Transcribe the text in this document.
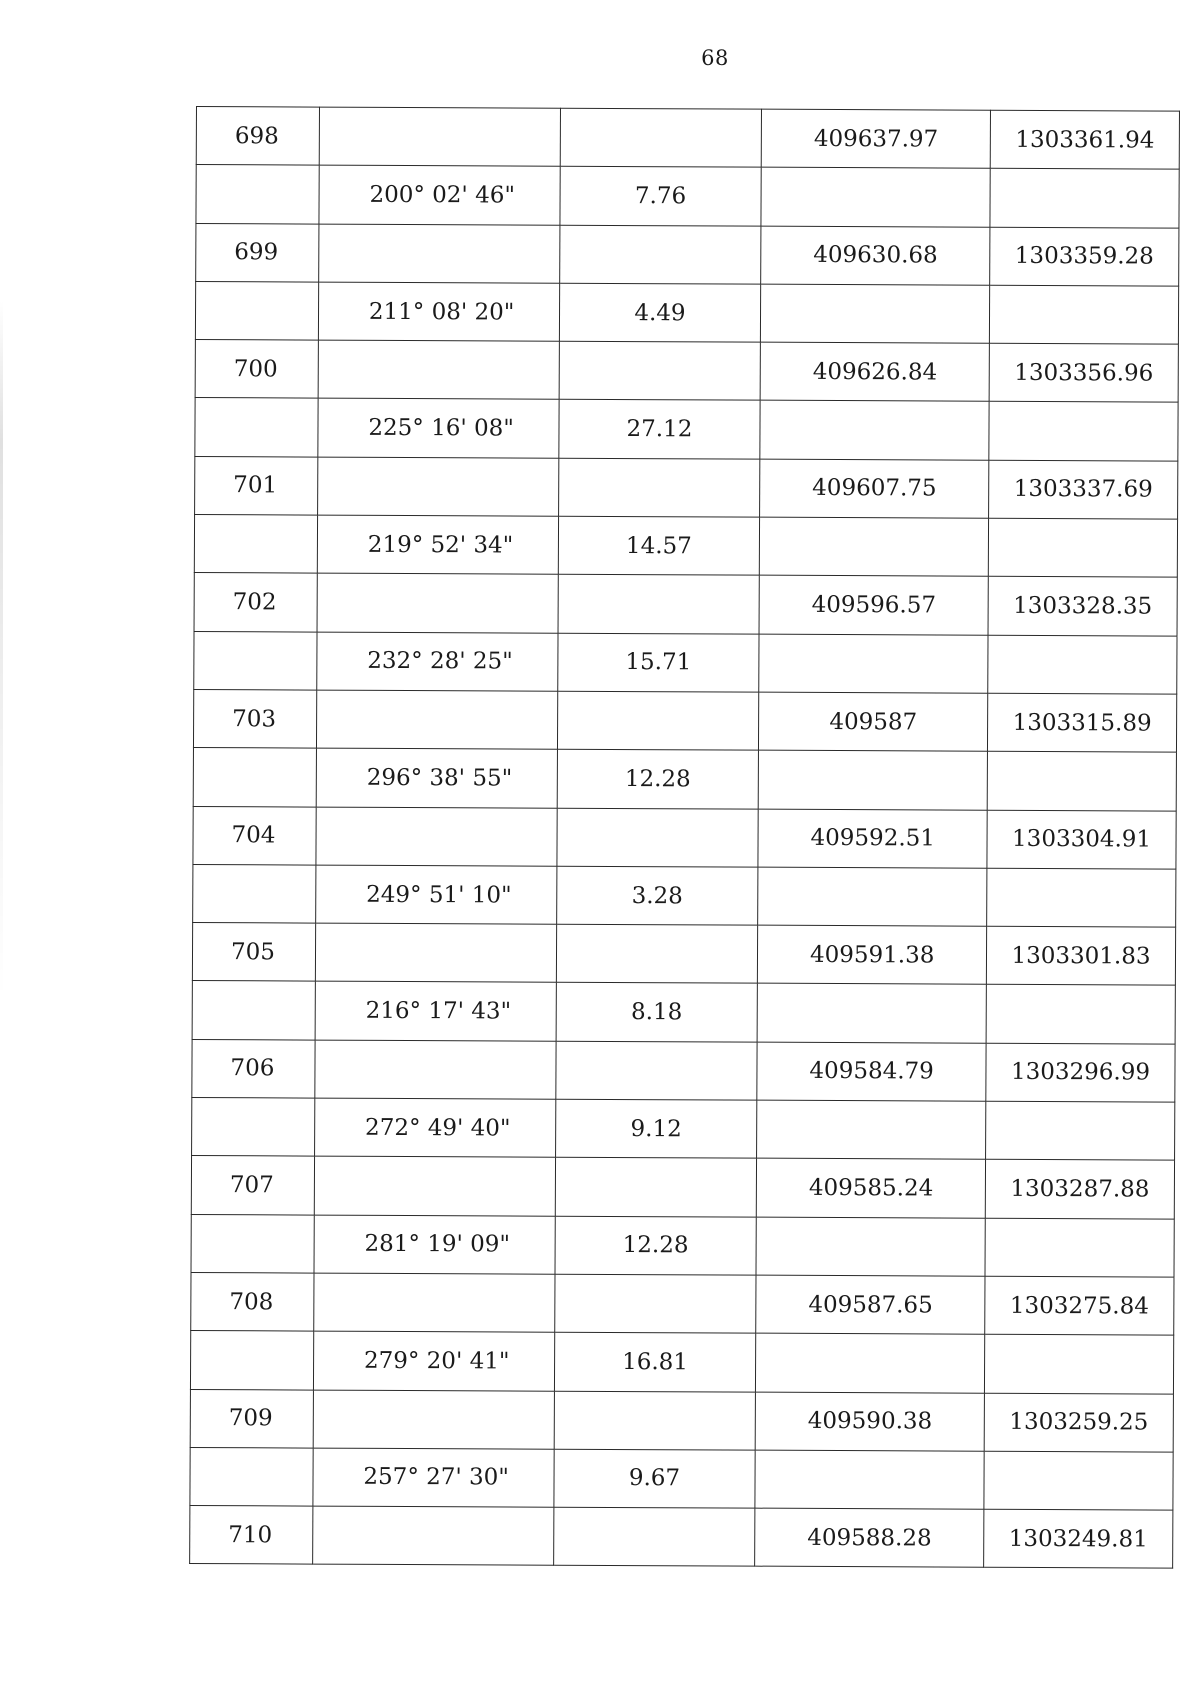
68
698			409637.97	1303361.94
	200° 02' 46"	7.76		
699			409630.68	1303359.28
	211° 08' 20"	4.49		
700			409626.84	1303356.96
	225° 16' 08"	27.12		
701			409607.75	1303337.69
	219° 52' 34"	14.57		
702			409596.57	1303328.35
	232° 28' 25"	15.71		
703			409587	1303315.89
	296° 38' 55"	12.28		
704			409592.51	1303304.91
	249° 51' 10"	3.28		
705			409591.38	1303301.83
	216° 17' 43"	8.18		
706			409584.79	1303296.99
	272° 49' 40"	9.12		
707			409585.24	1303287.88
	281° 19' 09"	12.28		
708			409587.65	1303275.84
	279° 20' 41"	16.81		
709			409590.38	1303259.25
	257° 27' 30"	9.67		
710			409588.28	1303249.81
